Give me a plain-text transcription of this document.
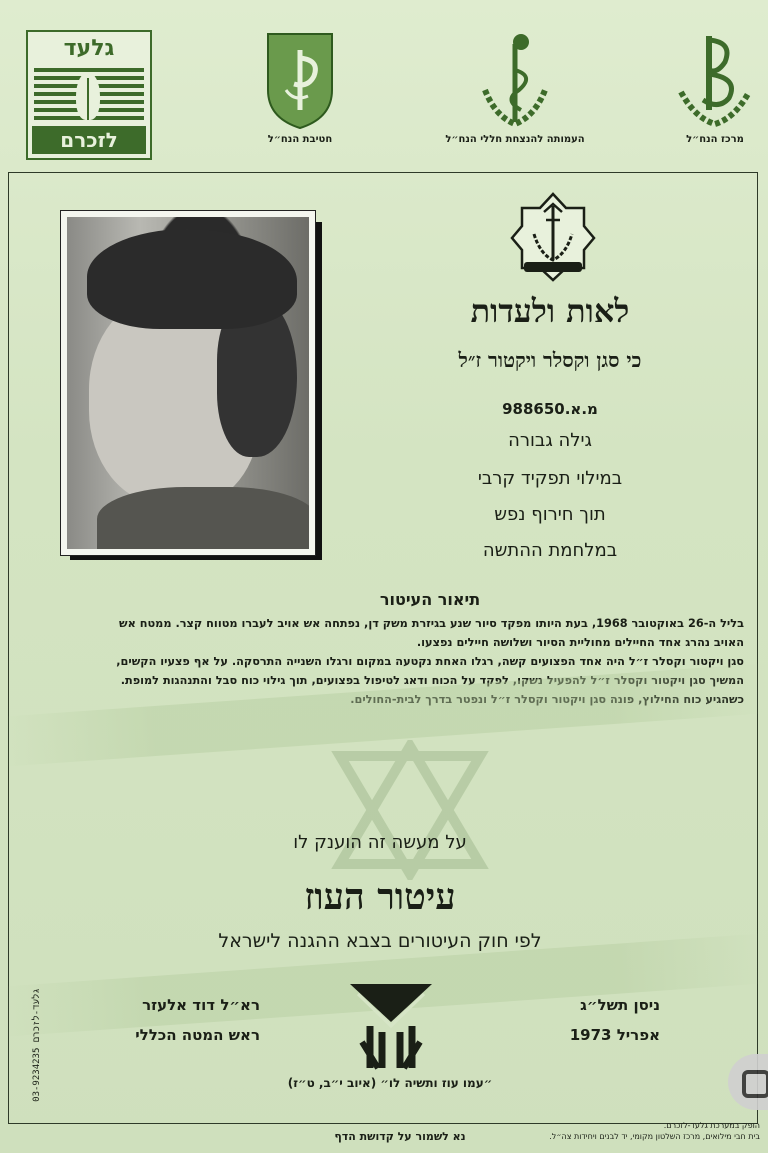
גלעד
לזכרם	חטיבת הנח״ל	העמותה להנצחת חללי הנח״ל	מרכז הנח״ל
לאות ולעדות
כי סגן וקסלר ויקטור ז״ל
מ.א.988650
גילה גבורה
במילוי תפקיד קרבי
תוך חירוף נפש
במלחמת ההתשה
תיאור העיטור

בליל ה-26 באוקטובר 1968, בעת היותו מפקד סיור שנע בגיזרת משק דן, נפתחה אש אויב לעברו מטווח קצר. ממטח אש

האויב נהרג אחד החיילים מחוליית הסיור ושלושה חיילים נפצעו.

סגן ויקטור וקסלר ז״ל היה אחד הפצועים קשה, רגלו האחת נקטעה במקום ורגלו השנייה התרסקה. על אף פצעיו הקשים,

המשיך סגן ויקטור וקסלר ז״ל להפעיל נשקו, לפקד על הכוח ודאג לטיפול בפצועים, תוך גילוי כוח סבל והתנהגות למופת.

כשהגיע כוח החילוץ, פונה סגן ויקטור וקסלר ז״ל ונפטר בדרך לבית-החולים.

על מעשה זה הוענק לו
עיטור העוז
לפי חוק העיטורים בצבא ההגנה לישראל
רא״ל דוד אלעזר
ראש המטה הכללי
ניסן תשל״ג
אפריל 1973
״עמו עוז ותשיה לו״ (איוב י״ב, ט״ז)
גלעד-לזכרם 03-9234235
נא לשמור על קדושת הדף
הופק במערכת גלעד-לזכרם.
בית חבי מילואים, מרכז השלטון מקומי, יד לבנים ויחידות צה״ל.
